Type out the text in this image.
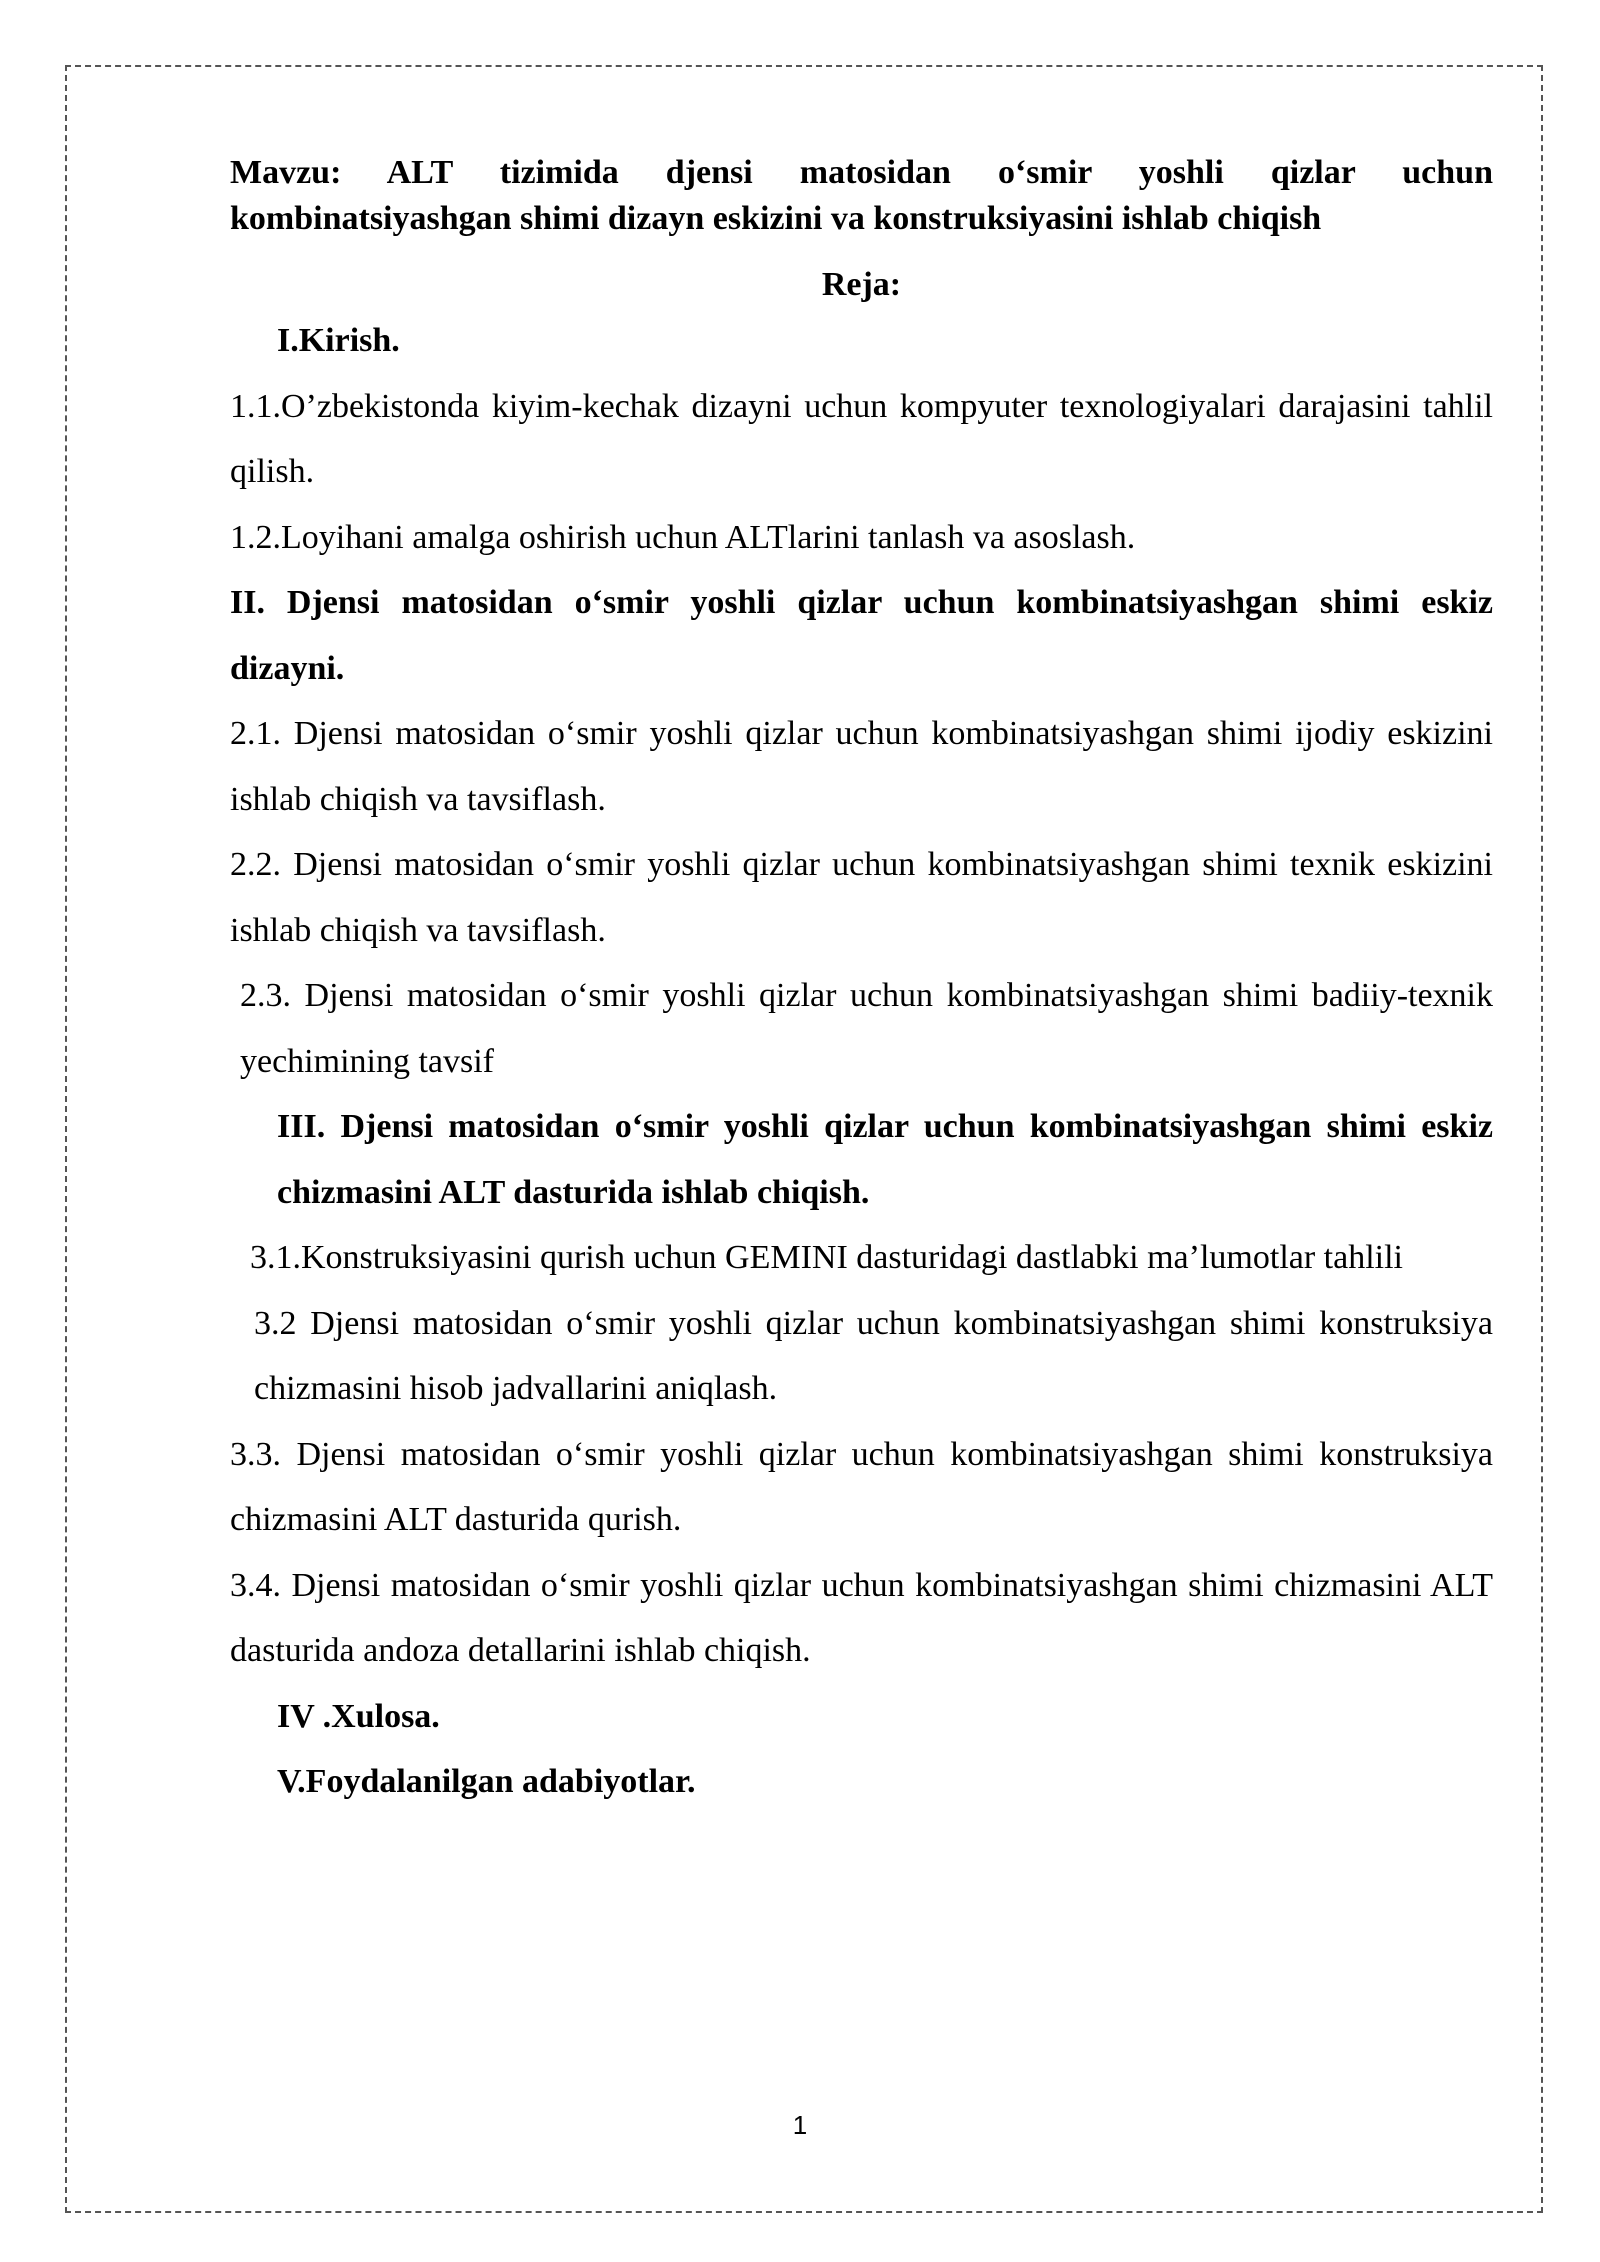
Mavzu: ALT tizimida djensi matosidan o‘smir yoshli qizlar uchun
kombinatsiyashgan shimi dizayn eskizini va konstruksiyasini ishlab chiqish

Reja:

I.Kirish.

1.1.O’zbekistonda kiyim-kechak dizayni uchun kompyuter texnologiyalari darajasini tahlil qilish.

1.2.Loyihani amalga oshirish uchun ALTlarini tanlash va asoslash.

II. Djensi matosidan o‘smir yoshli qizlar uchun kombinatsiyashgan shimi eskiz dizayni.

2.1. Djensi matosidan o‘smir yoshli qizlar uchun kombinatsiyashgan shimi ijodiy eskizini ishlab chiqish va tavsiflash.

2.2. Djensi matosidan o‘smir yoshli qizlar uchun kombinatsiyashgan shimi texnik eskizini ishlab chiqish va tavsiflash.

2.3. Djensi matosidan o‘smir yoshli qizlar uchun kombinatsiyashgan shimi badiiy-texnik yechimining tavsif

III. Djensi matosidan o‘smir yoshli qizlar uchun kombinatsiyashgan shimi eskiz chizmasini ALT dasturida ishlab chiqish.

3.1.Konstruksiyasini qurish uchun GEMINI dasturidagi dastlabki ma’lumotlar tahlili

3.2 Djensi matosidan o‘smir yoshli qizlar uchun kombinatsiyashgan shimi konstruksiya chizmasini hisob jadvallarini aniqlash.

3.3. Djensi matosidan o‘smir yoshli qizlar uchun kombinatsiyashgan shimi konstruksiya chizmasini ALT dasturida qurish.

3.4. Djensi matosidan o‘smir yoshli qizlar uchun kombinatsiyashgan shimi chizmasini ALT dasturida andoza detallarini ishlab chiqish.

IV .Xulosa.

V.Foydalanilgan adabiyotlar.

1
